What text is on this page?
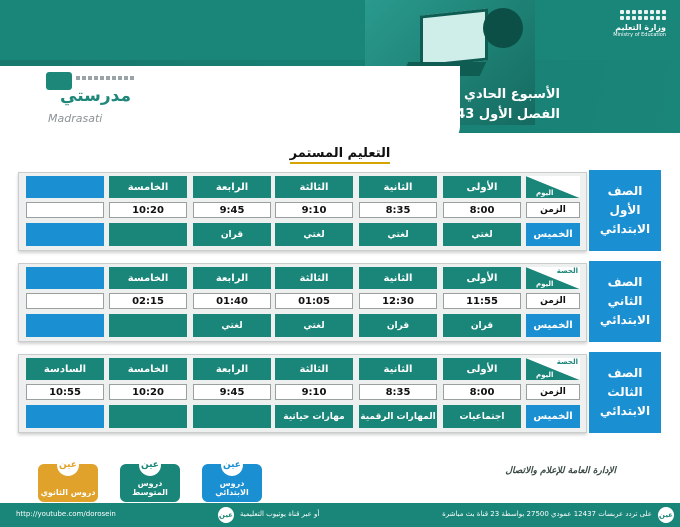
وزارة التعليم
Ministry of Education
الأسبوع الحادي عشر
الفصل الأول 1443هـ
مدرستي
Madrasati
التعليم المستمر
الصف
الأول
الابتدائي
اليوم
الزمن
الخميس
الأولى
8:00
لغتي
الثانية
8:35
لغتي
الثالثة
9:10
لغتي
الرابعة
9:45
قران
الخامسة
10:20
الصف
الثاني
الابتدائي
الحصة
اليوم
الزمن
الخميس
الأولى
11:55
قران
الثانية
12:30
قران
الثالثة
01:05
لغتي
الرابعة
01:40
لغتي
الخامسة
02:15
الصف
الثالث
الابتدائي
الحصة
اليوم
الزمن
الخميس
الأولى
8:00
اجتماعيات
الثانية
8:35
المهارات الرقمية
الثالثة
9:10
مهارات حياتية
الرابعة
9:45
الخامسة
10:20
السادسة
10:55
الإدارة العامة للإعلام والاتصال
عين
دروس الابتدائي
عين
دروس المتوسط
عين
دروس الثانوي
عين
على تردد عربسات 12437 عمودي 27500 بواسطة 23 قناة بث مباشرة
عين أو عبر قناة يوتيوب التعليمية
http://youtube.com/dorosein
